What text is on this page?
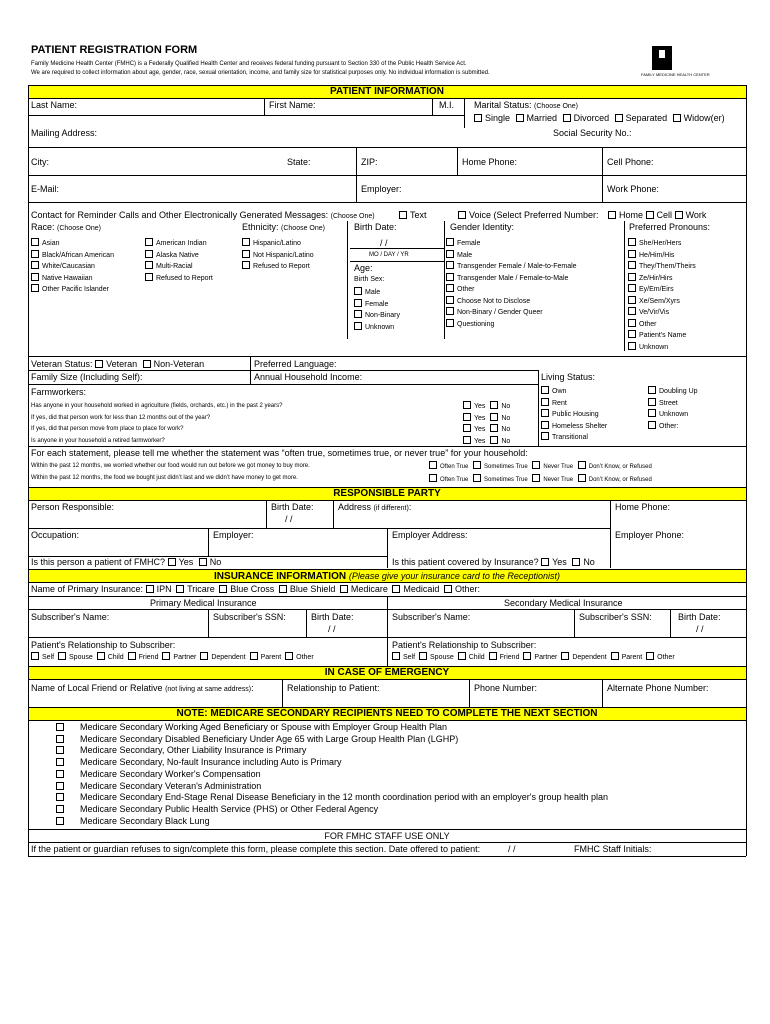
PATIENT REGISTRATION FORM
Family Medicine Health Center (FMHC) is a Federally Qualified Health Center and receives federal funding pursuant to Section 330 of the Public Health Service Act.
We are required to collect information about age, gender, race, sexual orientation, income, and family size for statistical purposes only. No individual information is submitted.	FAMILY MEDICINE HEALTH CENTER
PATIENT INFORMATION
Last Name:	First Name:	M.I. Marital Status: (Choose One)
Single Married Divorced Separated Widow(er)
Mailing Address:	Social Security No.:
City:	State:	ZIP:	Home Phone:	Cell Phone:
E-Mail:	Employer:	Work Phone:
Contact for Reminder Calls and Other Electronically Generated Messages: (Choose One)	Text	Voice (Select Preferred Number:	Home Cell Work
Race: (Choose One)
Asian
Black/African American
White/Caucasian
Native Hawaiian
Other Pacific Islander
American Indian
Alaska Native
Multi-Racial
Refused to Report
Ethnicity: (Choose One)
Hispanic/Latino
Not Hispanic/Latino
Refused to Report
Birth Date:
/ /
MO / DAY / YR
Age:
Birth Sex:
Male
Female
Non-Binary
Unknown
Gender Identity:
Female
Male
Transgender Female / Male-to-Female
Transgender Male / Female-to-Male
Other
Choose Not to Disclose
Non-Binary / Gender Queer
Questioning
Preferred Pronouns:
She/Her/Hers
He/Him/His
They/Them/Theirs
Ze/Hir/Hirs
Ey/Em/Eirs
Xe/Sem/Xyrs
Ve/Vir/Vis
Other
Patient's Name
Unknown
Veteran Status: Veteran Non-Veteran	Preferred Language:
Family Size (Including Self):	Annual Household Income:
Farmworkers:
Has anyone in your household worked in agriculture (fields, orchards, etc.) in the past 2 years?
If yes, did that person work for less than 12 months out of the year?
If yes, did that person move from place to place for work?
Is anyone in your household a retired farmworker?
Yes No
Yes No
Yes No
Yes No
Living Status:
Own
Rent
Public Housing
Homeless Shelter
Transitional
Doubling Up
Street
Unknown
Other:
For each statement, please tell me whether the statement was “often true, sometimes true, or never true” for your household:
Within the past 12 months, we worried whether our food would run out before we got money to buy more.
Within the past 12 months, the food we bought just didn’t last and we didn’t have money to get more.
Often True	Sometimes True	Never True	Don’t Know, or Refused
Often True	Sometimes True	Never True	Don’t Know, or Refused
RESPONSIBLE PARTY
Person Responsible:	Birth Date:
/ /
Address (if different):	Home Phone:
Occupation:	Employer:	Employer Address:	Employer Phone:
Is this person a patient of FMHC? Yes No	Is this patient covered by Insurance? Yes No
INSURANCE INFORMATION (Please give your insurance card to the Receptionist)
Name of Primary Insurance: IPN Tricare Blue Cross Blue Shield Medicare Medicaid Other:
Primary Medical Insurance	Secondary Medical Insurance
Subscriber's Name:	Subscriber's SSN:	Birth Date:
/ /
Subscriber's Name:	Subscriber's SSN:	Birth Date:
/ /
Patient's Relationship to Subscriber:
Self Spouse Child Friend Partner Dependent Parent Other
Patient's Relationship to Subscriber:
Self Spouse Child Friend Partner Dependent Parent Other
IN CASE OF EMERGENCY
Name of Local Friend or Relative (not living at same address):	Relationship to Patient:	Phone Number:	Alternate Phone Number:
NOTE: MEDICARE SECONDARY RECIPIENTS NEED TO COMPLETE THE NEXT SECTION
Medicare Secondary Working Aged Beneficiary or Spouse with Employer Group Health Plan
Medicare Secondary Disabled Beneficiary Under Age 65 with Large Group Health Plan (LGHP)
Medicare Secondary, Other Liability Insurance is Primary
Medicare Secondary, No-fault Insurance including Auto is Primary
Medicare Secondary Worker's Compensation
Medicare Secondary Veteran's Administration
Medicare Secondary End-Stage Renal Disease Beneficiary in the 12 month coordination period with an employer's group health plan
Medicare Secondary Public Health Service (PHS) or Other Federal Agency
Medicare Secondary Black Lung
FOR FMHC STAFF USE ONLY
If the patient or guardian refuses to sign/complete this form, please complete this section. Date offered to patient:	/ /	FMHC Staff Initials:
